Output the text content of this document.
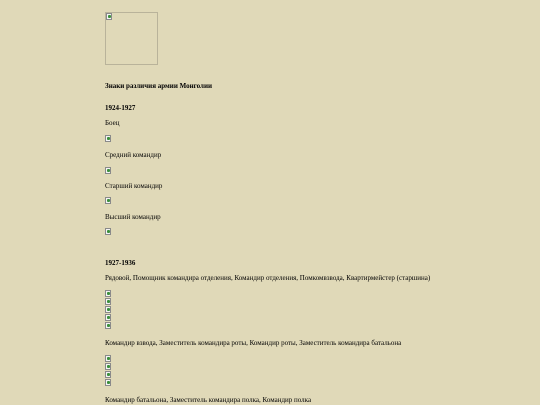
Знаки различия армии Монголии
1924-1927
Боец
Средний командир
Старший командир
Высший командир
1927-1936
Рядовой, Помощник командира отделения, Командир отделения, Помкомвзвода, Квартирмейстер (старшина)
Командир взвода, Заместитель командира роты, Командир роты, Заместитель командира батальона
Командир батальона, Заместитель командира полка, Командир полка
